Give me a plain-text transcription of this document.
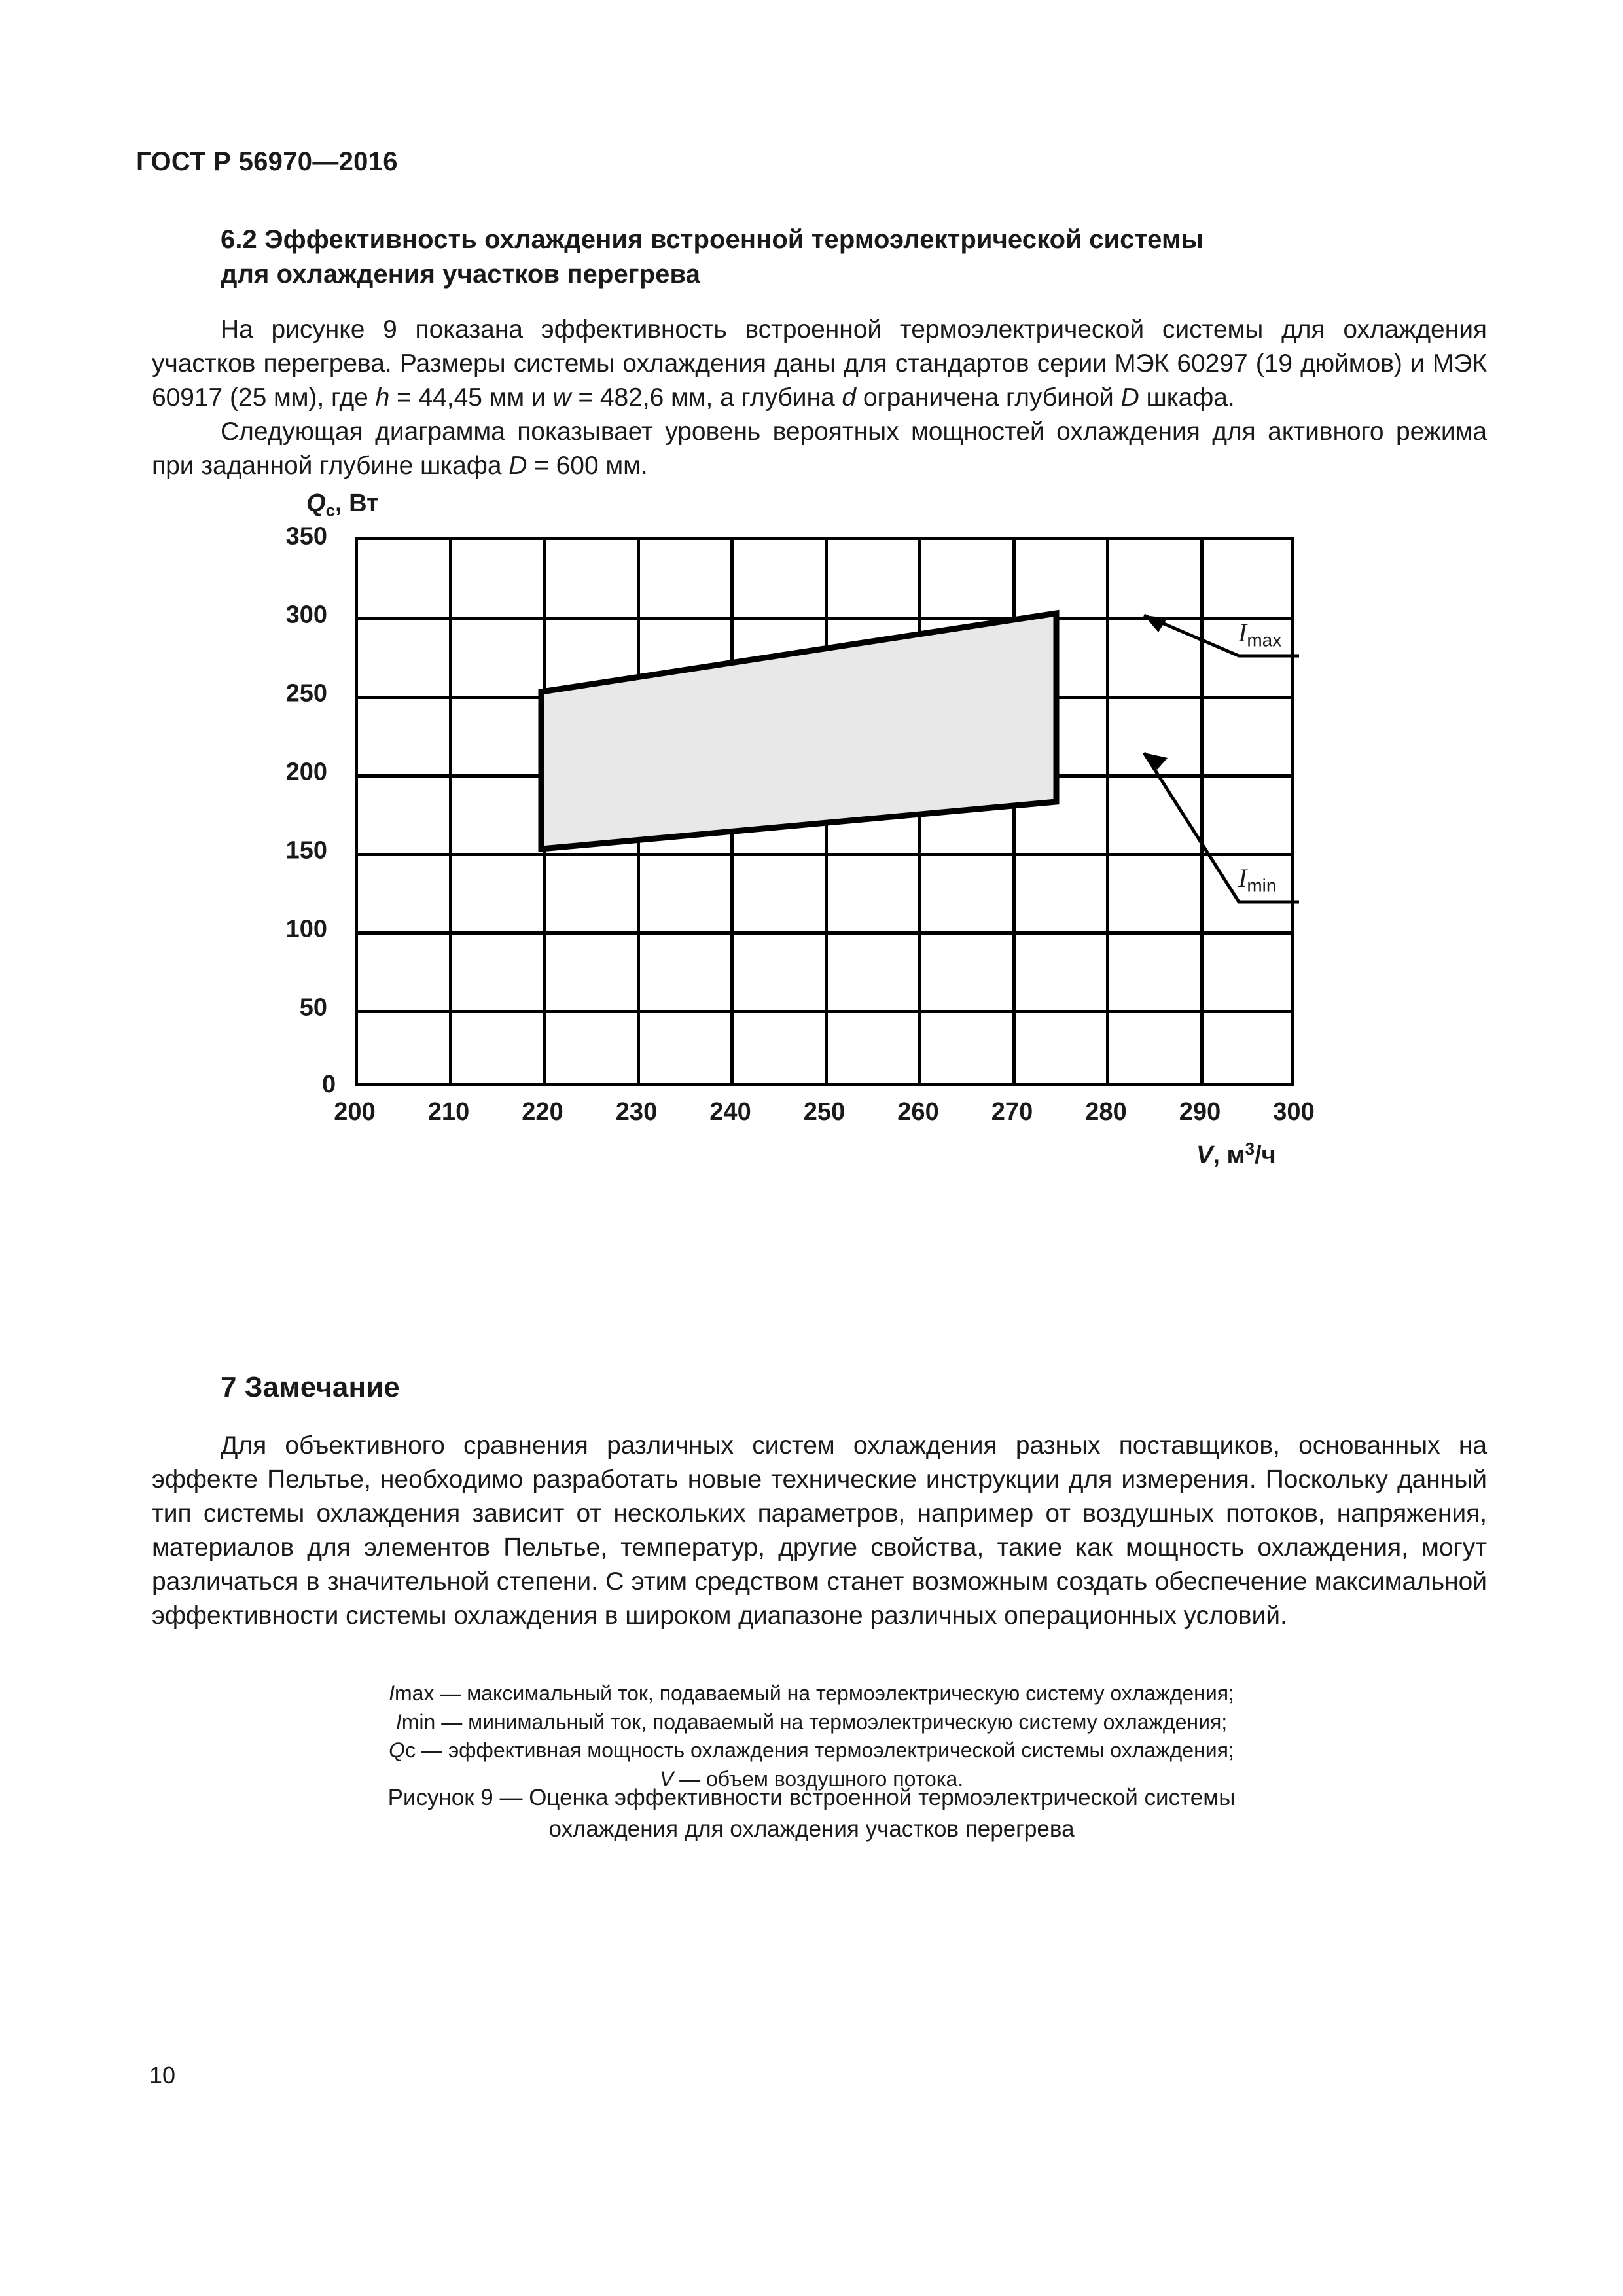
ГОСТ Р 56970—2016
6.2 Эффективность охлаждения встроенной термоэлектрической системы
для охлаждения участков перегрева

На рисунке 9 показана эффективность встроенной термоэлектрической системы для охлаждения участков перегрева. Размеры системы охлаждения даны для стандартов серии МЭК 60297 (19 дюймов) и МЭК 60917 (25 мм), где h = 44,45 мм и w = 482,6 мм, а глубина d ограничена глубиной D шкафа.

Следующая диаграмма показывает уровень вероятных мощностей охлаждения для активного режима при заданной глубине шкафа D = 600 мм.

$Q_c$, Вт
350
300
250
200
150
100
50
0
$I_{max}$
$I_{min}$
200 210 220 230 240 250 260 270 280 290 300
V, $м^3/ч$
Imax — максимальный ток, подаваемый на термоэлектрическую систему охлаждения;
Imin — минимальный ток, подаваемый на термоэлектрическую систему охлаждения;
Qc — эффективная мощность охлаждения термоэлектрической системы охлаждения;
V — объем воздушного потока.
Рисунок 9 — Оценка эффективности встроенной термоэлектрической системы
охлаждения для охлаждения участков перегрева
7 Замечание

Для объективного сравнения различных систем охлаждения разных поставщиков, основанных на эффекте Пельтье, необходимо разработать новые технические инструкции для измерения. Поскольку данный тип системы охлаждения зависит от нескольких параметров, например от воздушных потоков, напряжения, материалов для элементов Пельтье, температур, другие свойства, такие как мощность охлаждения, могут различаться в значительной степени. С этим средством станет возможным создать обеспечение максимальной эффективности системы охлаждения в широком диапазоне различных операционных условий.

10
